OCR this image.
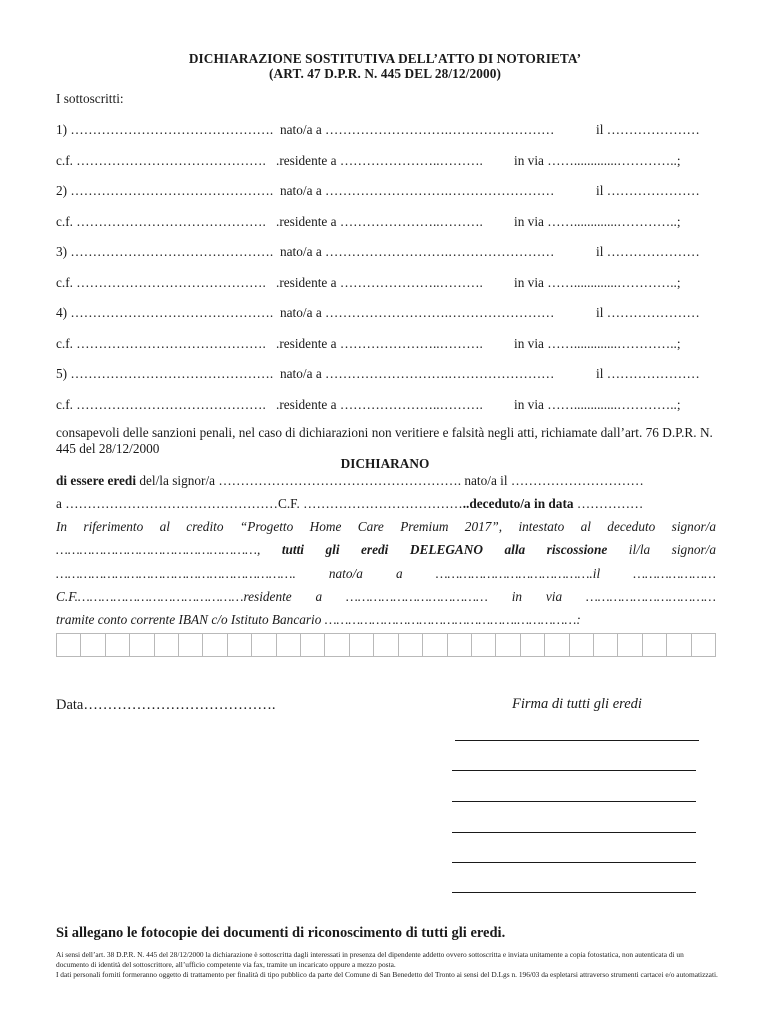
DICHIARAZIONE SOSTITUTIVA DELL’ATTO DI NOTORIETA’
(ART. 47 D.P.R. N. 445 DEL 28/12/2000)
I sottoscritti:
1) ………………………………………. nato/a a ……………………….……………………	il …………………
c.f. ……………………………………. .residente a …………………..………. in via …….............…………..;
2) ………………………………………. nato/a a ……………………….……………………	il …………………
c.f. ……………………………………. .residente a …………………..………. in via …….............…………..;
3) ………………………………………. nato/a a ……………………….……………………	il …………………
c.f. ……………………………………. .residente a …………………..………. in via …….............…………..;
4) ………………………………………. nato/a a ……………………….……………………	il …………………
c.f. ……………………………………. .residente a …………………..………. in via …….............…………..;
5) ………………………………………. nato/a a ……………………….……………………	il …………………
c.f. ……………………………………. .residente a …………………..………. in via …….............…………..;
consapevoli delle sanzioni penali, nel caso di dichiarazioni non veritiere e falsità negli atti, richiamate dall’art. 76 D.P.R. N. 445 del 28/12/2000
DICHIARANO
di essere eredi del/la signor/a ………………………………………………. nato/a il …………………………
a …………………………………………C.F. ………………………………..deceduto/a in data ……………
In riferimento al credito “Progetto Home Care Premium 2017”, intestato al deceduto signor/a
……………………………………………, tutti gli eredi DELEGANO alla riscossione il/la signor/a
……………………………………………………. nato/a a ………………………………….il …………………
C.F.……………………………………residente a ……………………………… in via ……………………………
tramite conto corrente IBAN c/o Istituto Bancario ………………………………………….……………:
Data………………………………….	Firma di tutti gli eredi
Si allegano le fotocopie dei documenti di riconoscimento di tutti gli eredi.
Ai sensi dell’art. 38 D.P.R. N. 445 del 28/12/2000 la dichiarazione è sottoscritta dagli interessati in presenza del dipendente addetto ovvero sottoscritta e inviata unitamente a copia fotostatica, non autenticata di un documento di identità del sottoscrittore, all’ufficio competente via fax, tramite un incaricato oppure a mezzo posta.
I dati personali forniti formeranno oggetto di trattamento per finalità di tipo pubblico da parte del Comune di San Benedetto del Tronto ai sensi del D.Lgs n. 196/03 da espletarsi attraverso strumenti cartacei e/o automatizzati.
